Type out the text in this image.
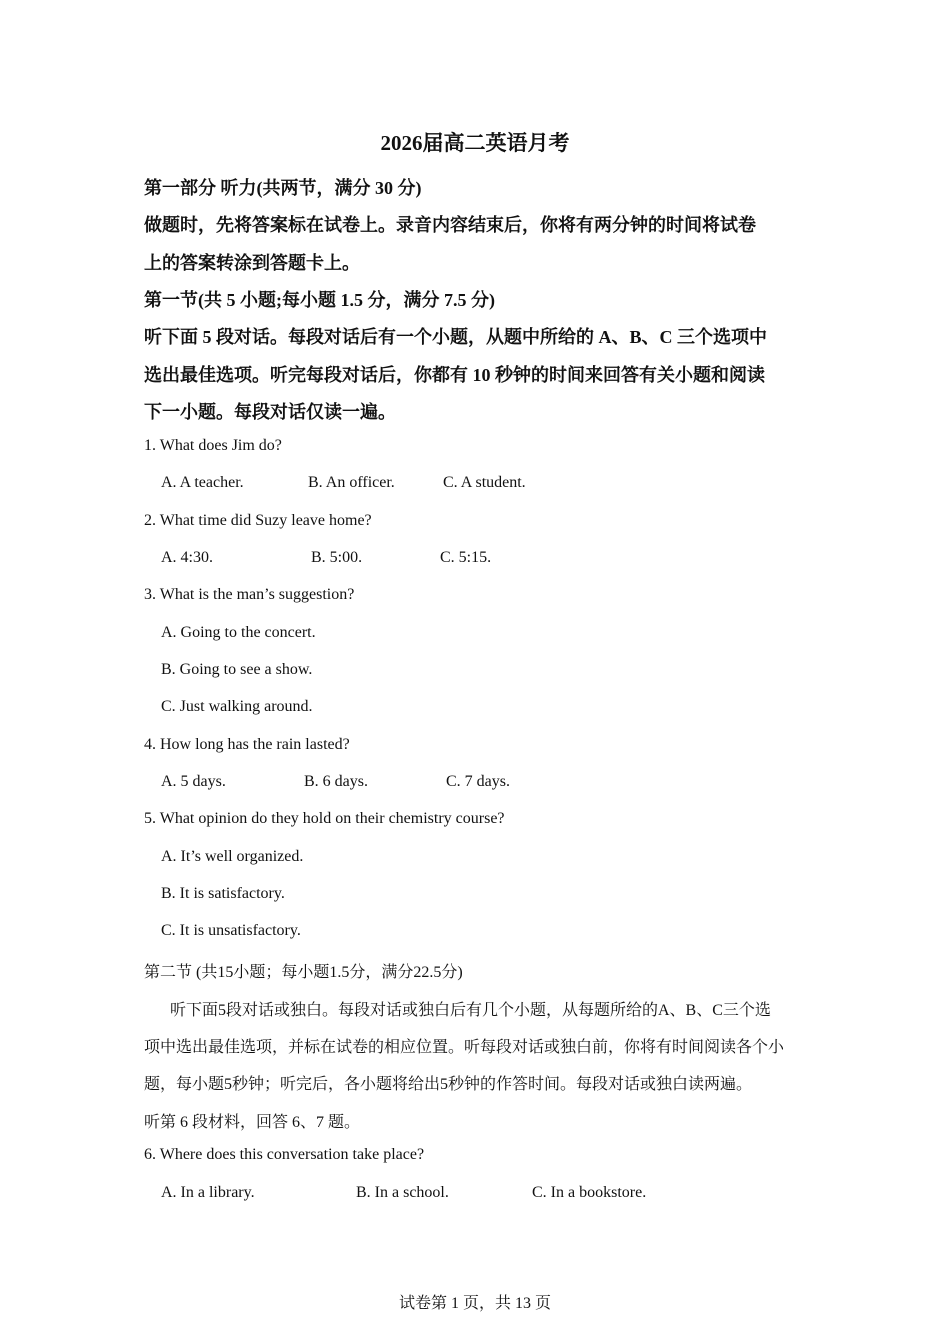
2026届高二英语月考
第一部分 听力(共两节，满分 30 分)
做题时，先将答案标在试卷上。录音内容结束后，你将有两分钟的时间将试卷
上的答案转涂到答题卡上。
第一节(共 5 小题;每小题 1.5 分，满分 7.5 分)
听下面 5 段对话。每段对话后有一个小题，从题中所给的 A、B、C 三个选项中
选出最佳选项。听完每段对话后，你都有 10 秒钟的时间来回答有关小题和阅读
下一小题。每段对话仅读一遍。
1. What does Jim do?
A. A teacher.	B. An officer.	C. A student.
2. What time did Suzy leave home?
A. 4:30.	B. 5:00.	C. 5:15.
3. What is the man’s suggestion?
A. Going to the concert.
B. Going to see a show.
C. Just walking around.
4. How long has the rain lasted?
A. 5 days.	B. 6 days.	C. 7 days.
5. What opinion do they hold on their chemistry course?
A. It’s well organized.
B. It is satisfactory.
C. It is unsatisfactory.
第二节 (共15小题；每小题1.5分，满分22.5分)
听下面5段对话或独白。每段对话或独白后有几个小题，从每题所给的A、B、C三个选
项中选出最佳选项，并标在试卷的相应位置。听每段对话或独白前，你将有时间阅读各个小
题，每小题5秒钟；听完后，各小题将给出5秒钟的作答时间。每段对话或独白读两遍。
听第 6 段材料，回答 6、7 题。
6. Where does this conversation take place?
A. In a library.	B. In a school.	C. In a bookstore.
试卷第 1 页，共 13 页
